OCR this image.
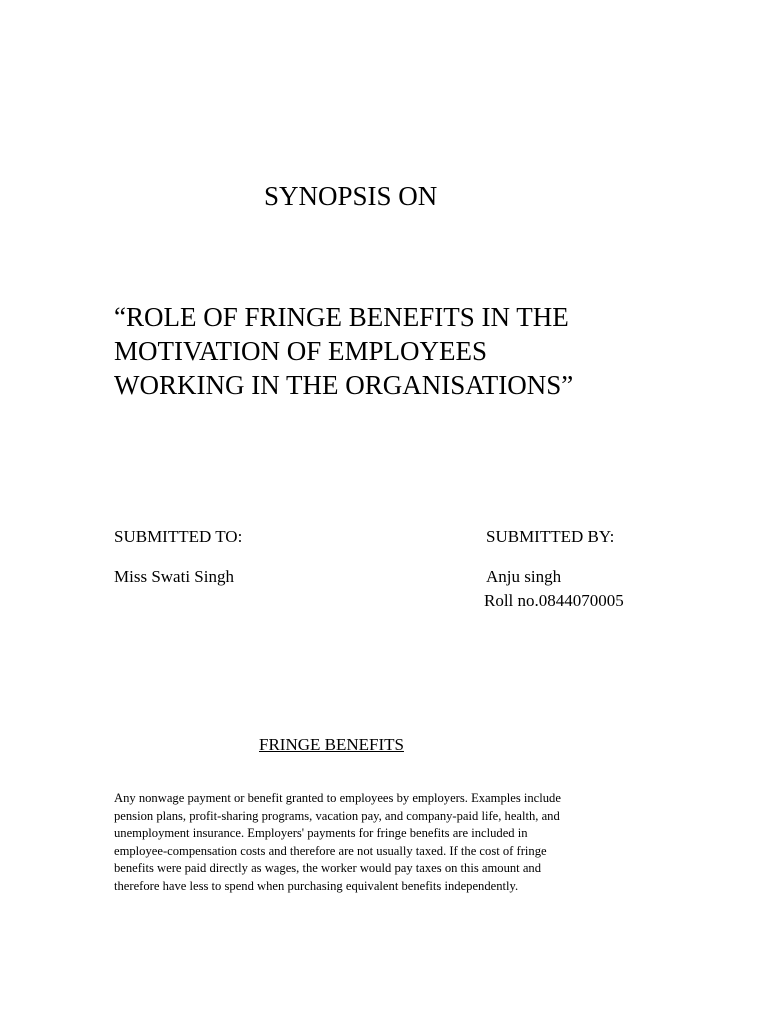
SYNOPSIS ON
“ROLE OF FRINGE BENEFITS IN THE
MOTIVATION OF EMPLOYEES
WORKING IN THE ORGANISATIONS”
SUBMITTED TO:	SUBMITTED BY:
Miss Swati Singh	Anju singh
Roll no.0844070005
FRINGE BENEFITS
Any nonwage payment or benefit granted to employees by employers. Examples include
pension plans, profit-sharing programs, vacation pay, and company-paid life, health, and
unemployment insurance. Employers' payments for fringe benefits are included in
employee-compensation costs and therefore are not usually taxed. If the cost of fringe
benefits were paid directly as wages, the worker would pay taxes on this amount and
therefore have less to spend when purchasing equivalent benefits independently.
